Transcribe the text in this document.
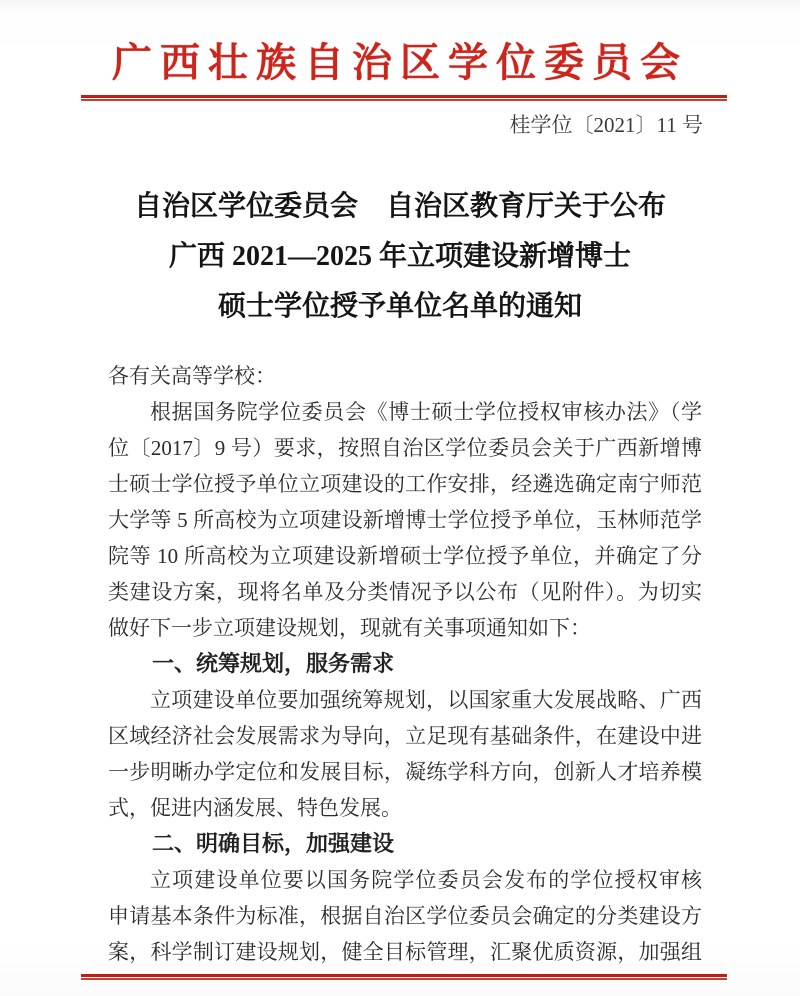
广西壮族自治区学位委员会
桂学位〔2021〕11 号
自治区学位委员会　自治区教育厅关于公布
广西 2021—2025 年立项建设新增博士
硕士学位授予单位名单的通知
各有关高等学校：
根据国务院学位委员会《博士硕士学位授权审核办法》（学
位〔2017〕9 号）要求，按照自治区学位委员会关于广西新增博
士硕士学位授予单位立项建设的工作安排，经遴选确定南宁师范
大学等 5 所高校为立项建设新增博士学位授予单位，玉林师范学
院等 10 所高校为立项建设新增硕士学位授予单位，并确定了分
类建设方案，现将名单及分类情况予以公布（见附件）。为切实
做好下一步立项建设规划，现就有关事项通知如下：
一、统筹规划，服务需求
立项建设单位要加强统筹规划，以国家重大发展战略、广西
区域经济社会发展需求为导向，立足现有基础条件，在建设中进
一步明晰办学定位和发展目标，凝练学科方向，创新人才培养模
式，促进内涵发展、特色发展。
二、明确目标，加强建设
立项建设单位要以国务院学位委员会发布的学位授权审核
申请基本条件为标准，根据自治区学位委员会确定的分类建设方
案，科学制订建设规划，健全目标管理，汇聚优质资源，加强组
